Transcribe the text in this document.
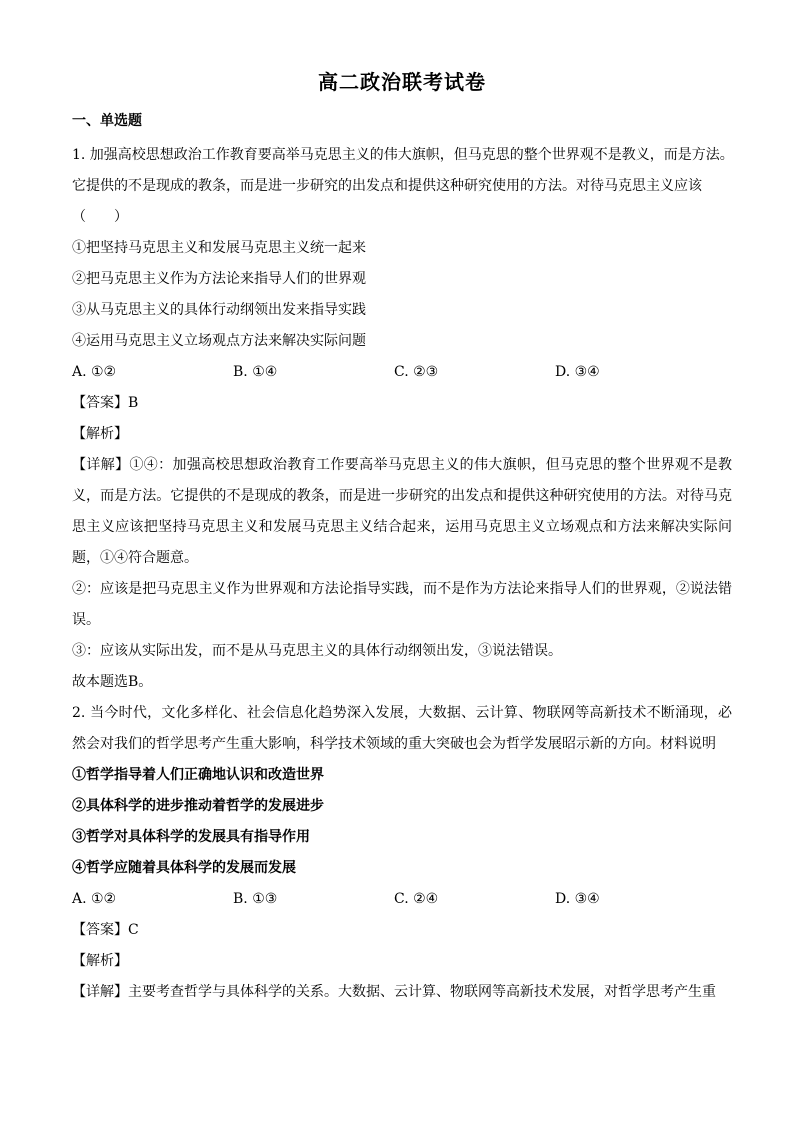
高二政治联考试卷
一、单选题

1. 加强高校思想政治工作教育要高举马克思主义的伟大旗帜，但马克思的整个世界观不是教义，而是方法。

它提供的不是现成的教条，而是进一步研究的出发点和提供这种研究使用的方法。对待马克思主义应该

（　　）

①把坚持马克思主义和发展马克思主义统一起来

②把马克思主义作为方法论来指导人们的世界观

③从马克思主义的具体行动纲领出发来指导实践

④运用马克思主义立场观点方法来解决实际问题

A. ①②	B. ①④	C. ②③	D. ③④

【答案】B

【解析】

【详解】①④：加强高校思想政治教育工作要高举马克思主义的伟大旗帜，但马克思的整个世界观不是教义，而是方法。它提供的不是现成的教条，而是进一步研究的出发点和提供这种研究使用的方法。对待马克思主义应该把坚持马克思主义和发展马克思主义结合起来，运用马克思主义立场观点和方法来解决实际问题，①④符合题意。

②：应该是把马克思主义作为世界观和方法论指导实践，而不是作为方法论来指导人们的世界观，②说法错误。

③：应该从实际出发，而不是从马克思主义的具体行动纲领出发，③说法错误。

故本题选B。

2. 当今时代，文化多样化、社会信息化趋势深入发展，大数据、云计算、物联网等高新技术不断涌现，必然会对我们的哲学思考产生重大影响，科学技术领域的重大突破也会为哲学发展昭示新的方向。材料说明

①哲学指导着人们正确地认识和改造世界

②具体科学的进步推动着哲学的发展进步

③哲学对具体科学的发展具有指导作用

④哲学应随着具体科学的发展而发展

A. ①②	B. ①③	C. ②④	D. ③④

【答案】C

【解析】

【详解】主要考查哲学与具体科学的关系。大数据、云计算、物联网等高新技术发展，对哲学思考产生重
